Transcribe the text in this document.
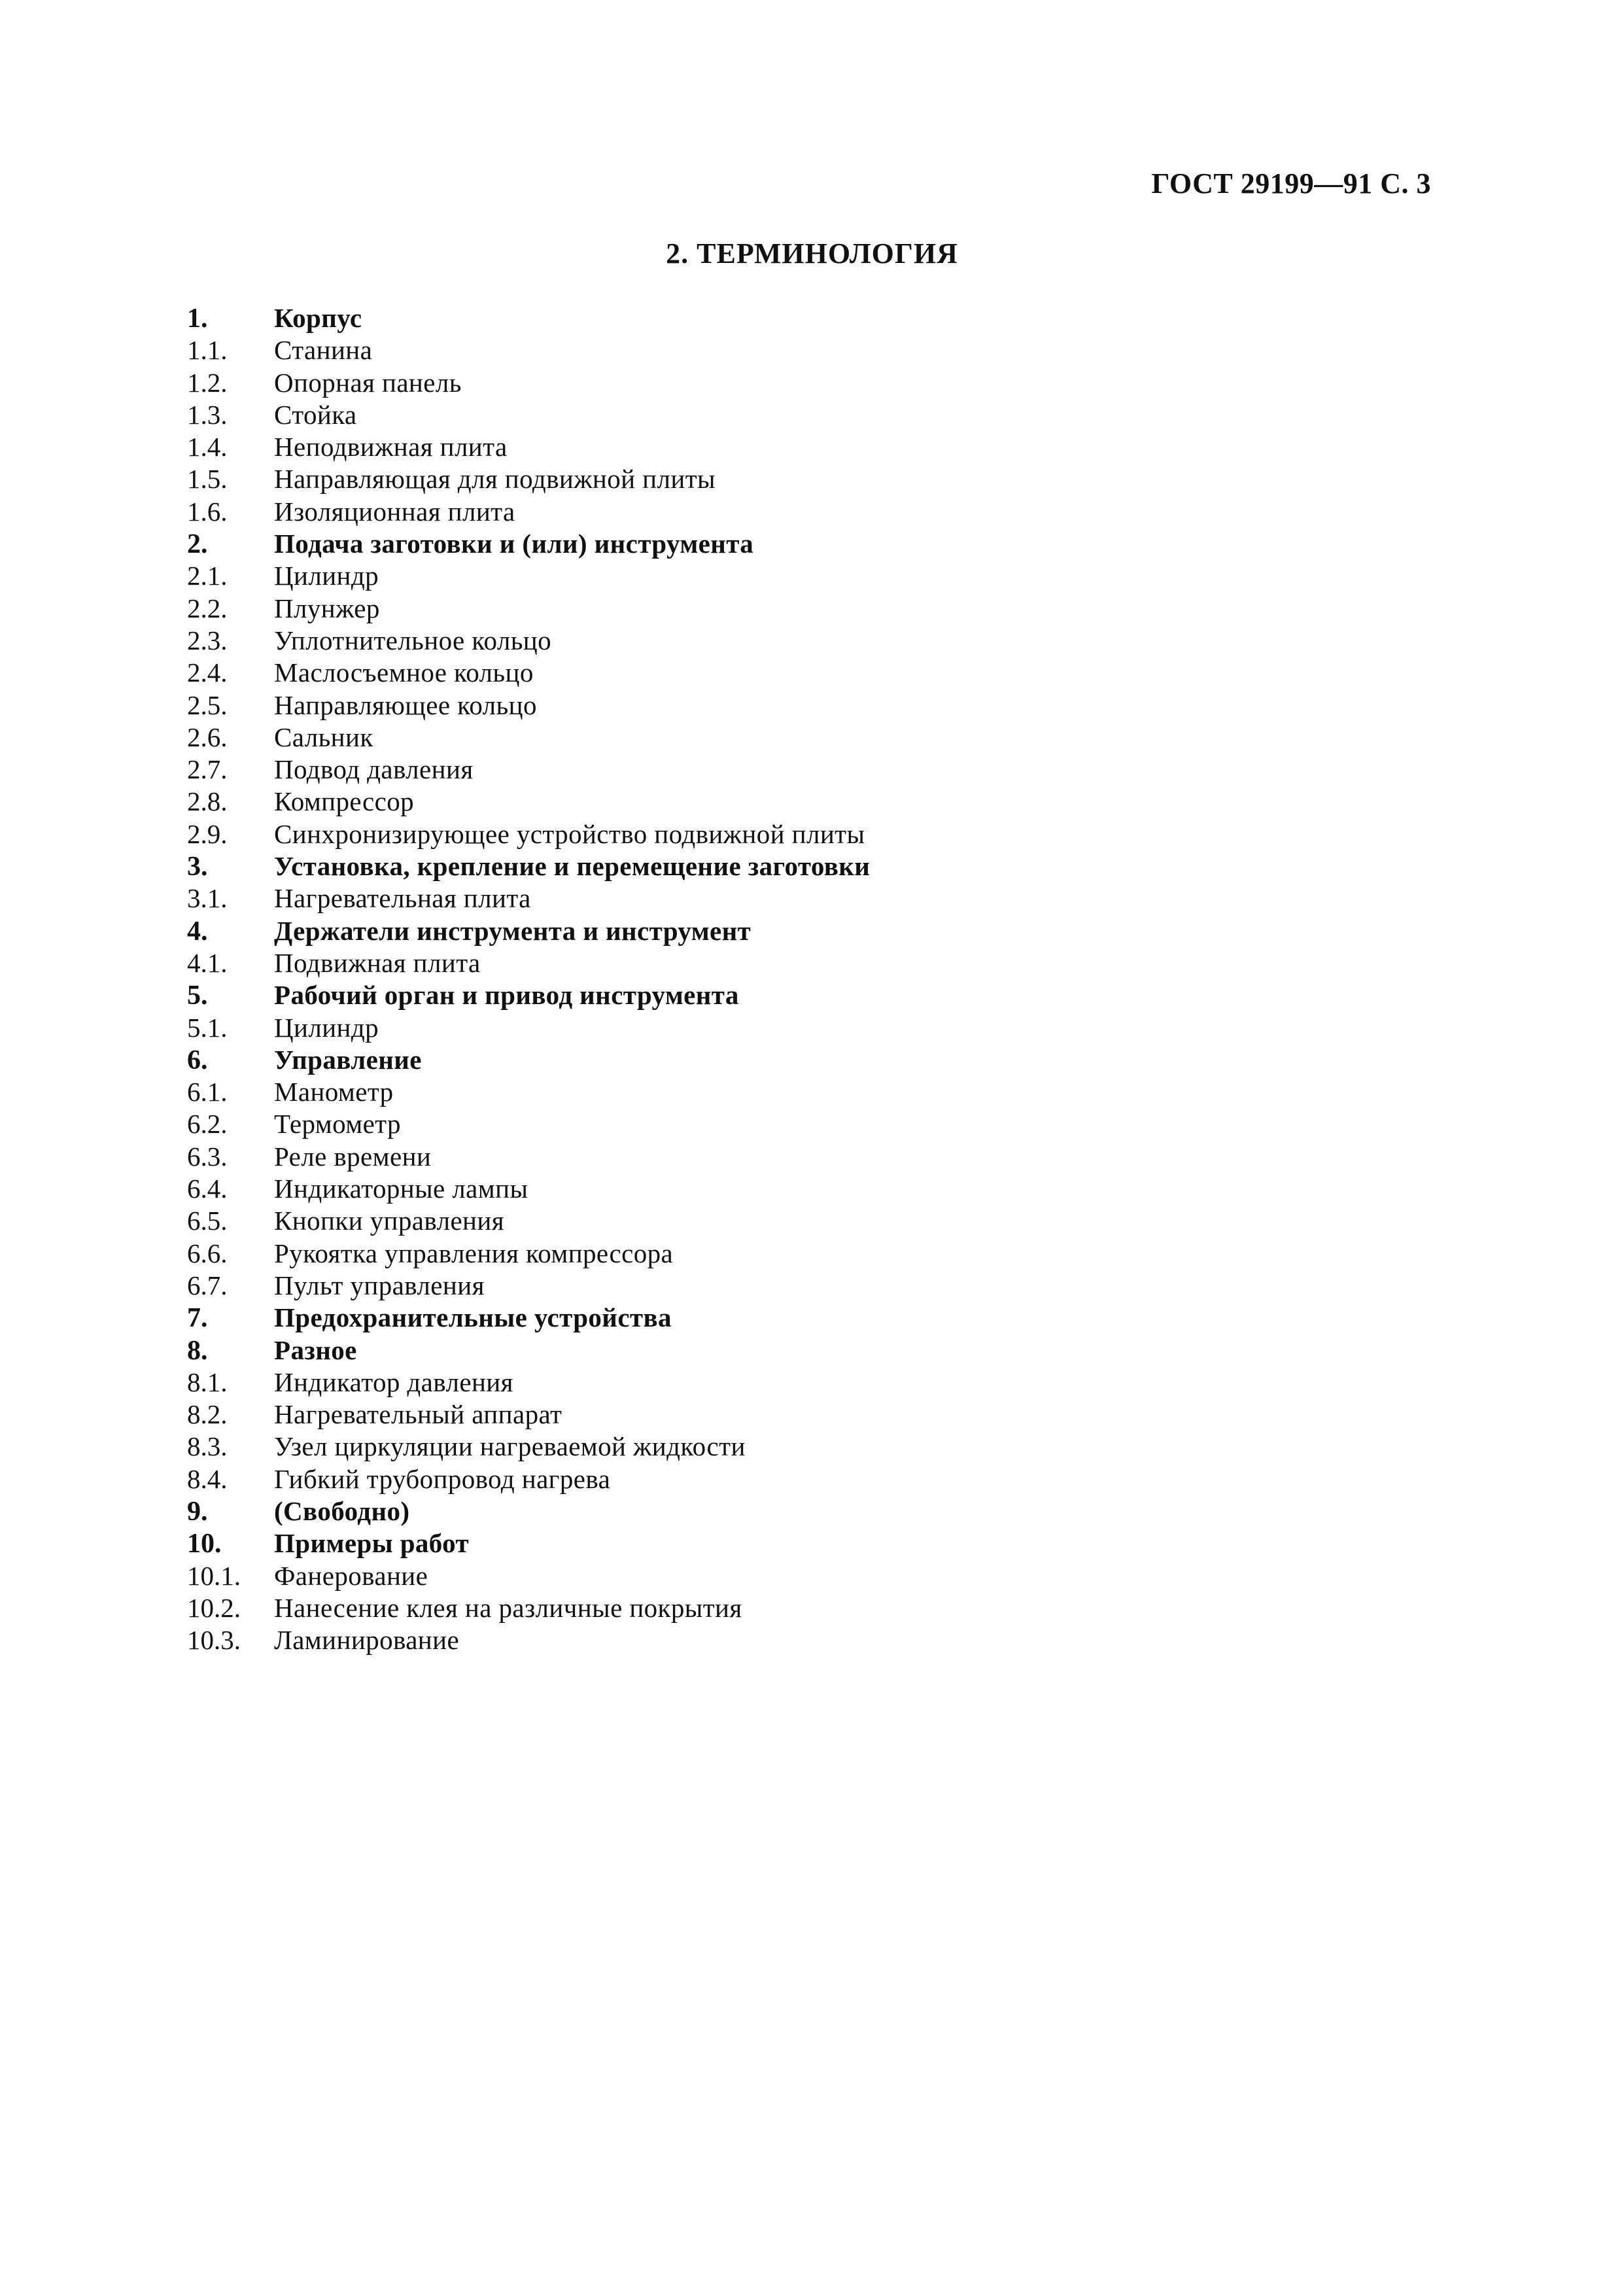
ГОСТ 29199—91 С. 3
2. ТЕРМИНОЛОГИЯ
1. Корпус
1.1. Станина
1.2. Опорная панель
1.3. Стойка
1.4. Неподвижная плита
1.5. Направляющая для подвижной плиты
1.6. Изоляционная плита
2. Подача заготовки и (или) инструмента
2.1. Цилиндр
2.2. Плунжер
2.3. Уплотнительное кольцо
2.4. Маслосъемное кольцо
2.5. Направляющее кольцо
2.6. Сальник
2.7. Подвод давления
2.8. Компрессор
2.9. Синхронизирующее устройство подвижной плиты
3. Установка, крепление и перемещение заготовки
3.1. Нагревательная плита
4. Держатели инструмента и инструмент
4.1. Подвижная плита
5. Рабочий орган и привод инструмента
5.1. Цилиндр
6. Управление
6.1. Манометр
6.2. Термометр
6.3. Реле времени
6.4. Индикаторные лампы
6.5. Кнопки управления
6.6. Рукоятка управления компрессора
6.7. Пульт управления
7. Предохранительные устройства
8. Разное
8.1. Индикатор давления
8.2. Нагревательный аппарат
8.3. Узел циркуляции нагреваемой жидкости
8.4. Гибкий трубопровод нагрева
9. (Свободно)
10. Примеры работ
10.1. Фанерование
10.2. Нанесение клея на различные покрытия
10.3. Ламинирование
